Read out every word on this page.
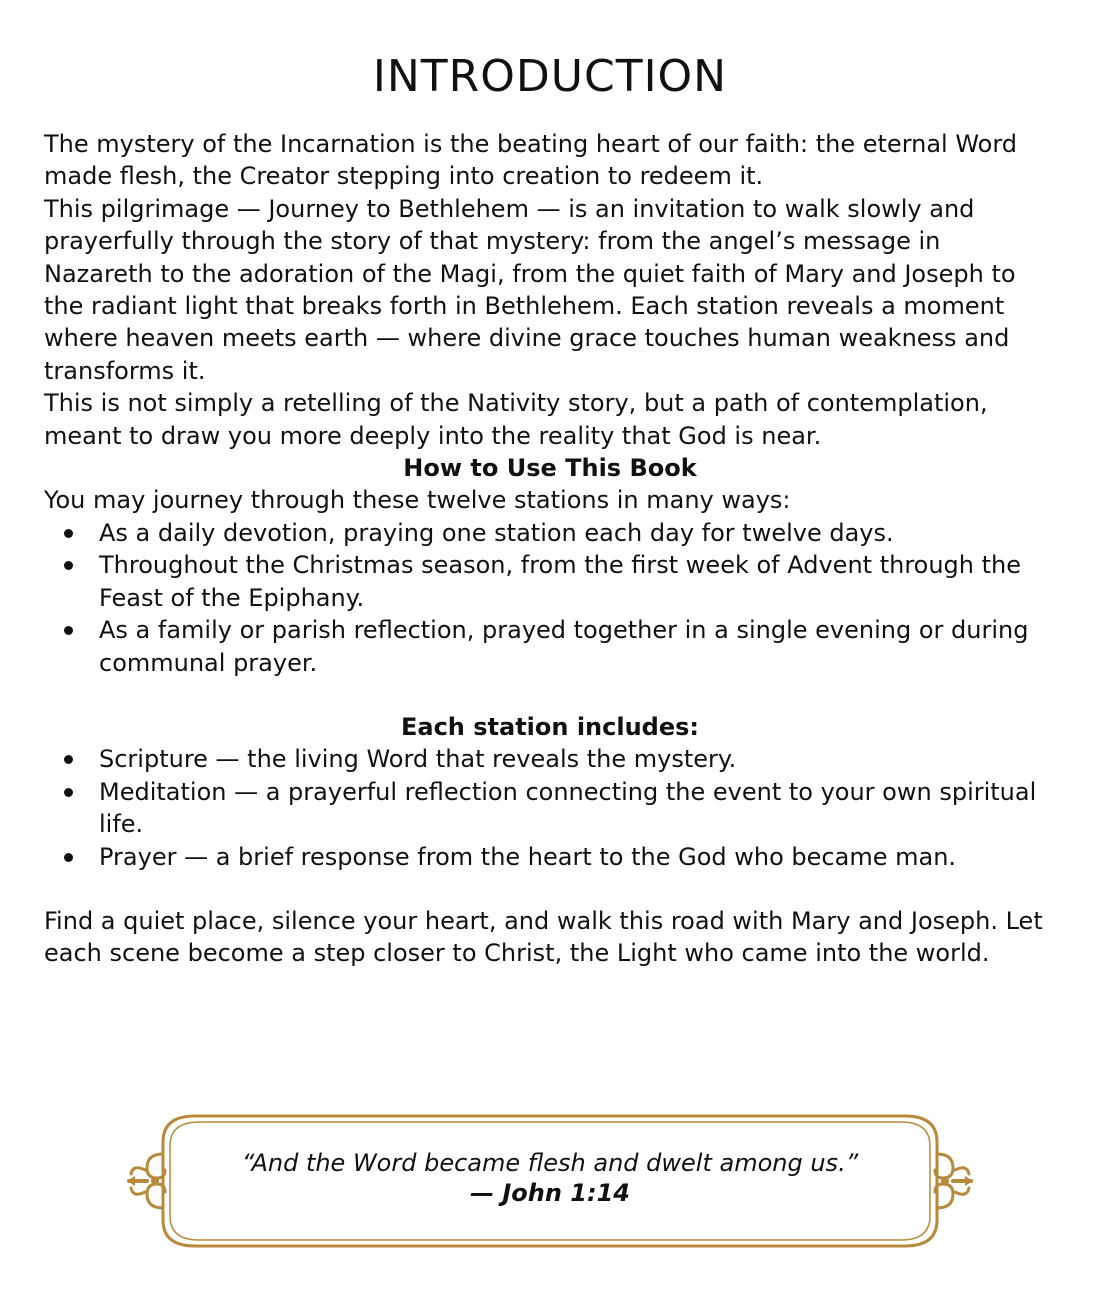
INTRODUCTION

The mystery of the Incarnation is the beating heart of our faith: the eternal Word made flesh, the Creator stepping into creation to redeem it.

This pilgrimage — Journey to Bethlehem — is an invitation to walk slowly and prayerfully through the story of that mystery: from the angel’s message in Nazareth to the adoration of the Magi, from the quiet faith of Mary and Joseph to the radiant light that breaks forth in Bethlehem. Each station reveals a moment where heaven meets earth — where divine grace touches human weakness and transforms it.

This is not simply a retelling of the Nativity story, but a path of contemplation, meant to draw you more deeply into the reality that God is near.

How to Use This Book

You may journey through these twelve stations in many ways:

As a daily devotion, praying one station each day for twelve days.
Throughout the Christmas season, from the first week of Advent through the Feast of the Epiphany.
As a family or parish reflection, prayed together in a single evening or during communal prayer.
Each station includes:
Scripture — the living Word that reveals the mystery.
Meditation — a prayerful reflection connecting the event to your own spiritual life.
Prayer — a brief response from the heart to the God who became man.

Find a quiet place, silence your heart, and walk this road with Mary and Joseph. Let each scene become a step closer to Christ, the Light who came into the world.

“And the Word became flesh and dwelt among us.”
— John 1:14
